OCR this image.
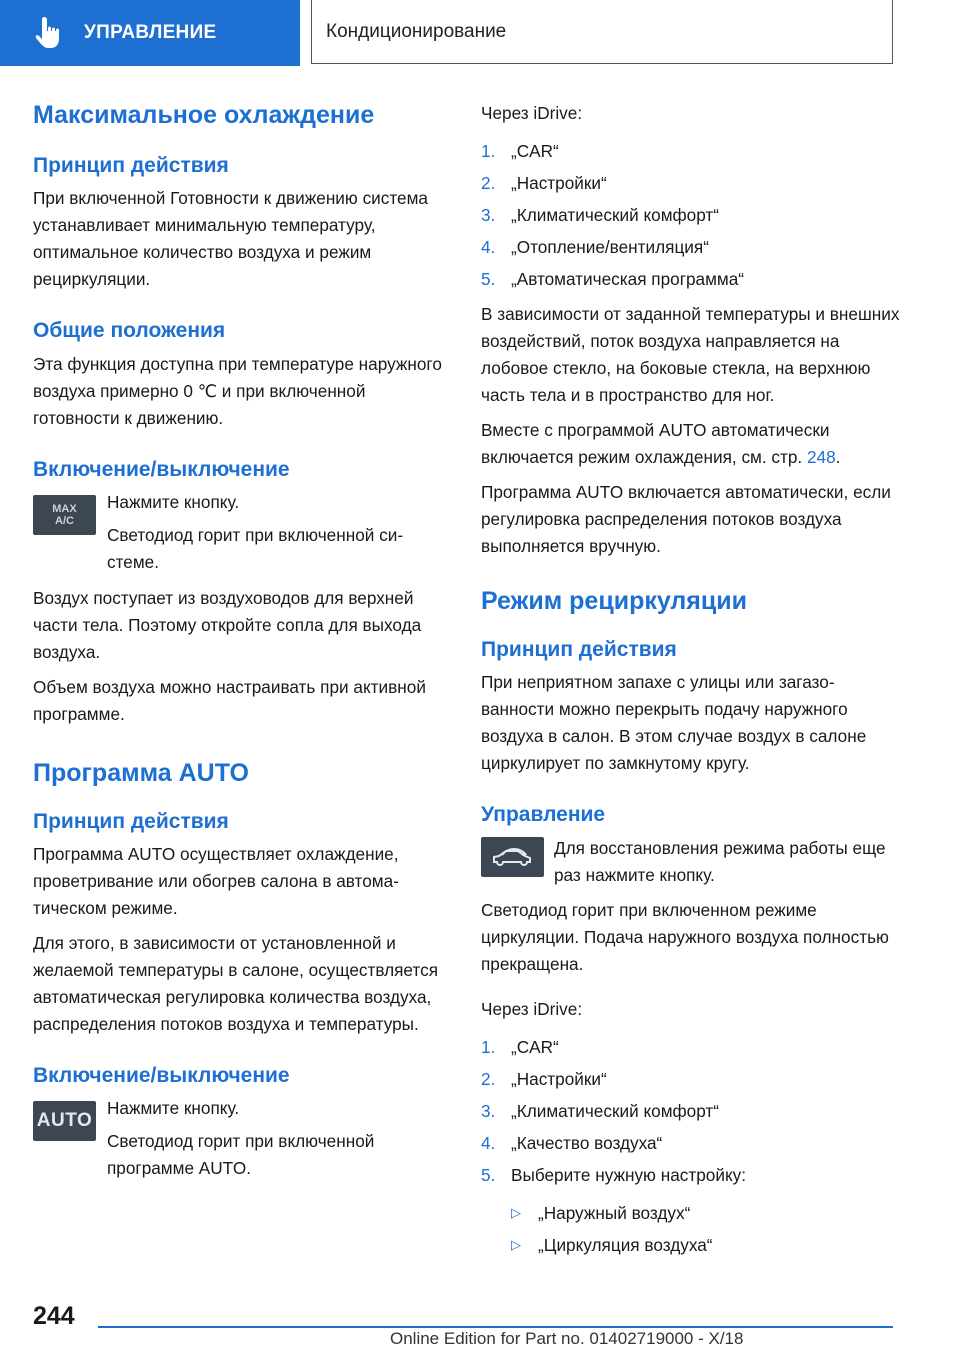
УПРАВЛЕНИЕ	Кондиционирование
Максимальное охлаждение
Принцип действия

При включенной Готовности к движению система устанавливает минимальную температуру, оптимальное количество воздуха и режим рециркуляции.

Общие положения

Эта функция доступна при температуре наружного воздуха примерно 0 ℃ и при включенной готовности к движению.

Включение/выключение
MAX
A/C

Нажмите кнопку.

Светодиод горит при включенной системе.

Воздух поступает из воздуховодов для верхней части тела. Поэтому откройте сопла для выхода воздуха.

Объем воздуха можно настраивать при активной программе.

Программа AUTO
Принцип действия

Программа AUTO осуществляет охлаждение, проветривание или обогрев салона в автоматическом режиме.

Для этого, в зависимости от установленной и желаемой температуры в салоне, осуществляется автоматическая регулировка количества воздуха, распределения потоков воздуха и температуры.

Включение/выключение
AUTO

Нажмите кнопку.

Светодиод горит при включенной программе AUTO.

Через iDrive:

1. „CAR“
2. „Настройки“
3. „Климатический комфорт“
4. „Отопление/вентиляция“
5. „Автоматическая программа“

В зависимости от заданной температуры и внешних воздействий, поток воздуха направляется на лобовое стекло, на боковые стекла, на верхнюю часть тела и в пространство для ног.

Вместе с программой AUTO автоматически включается режим охлаждения, см. стр. 248.

Программа AUTO включается автоматически, если регулировка распределения потоков воздуха выполняется вручную.

Режим рециркуляции
Принцип действия

При неприятном запахе с улицы или загазованности можно перекрыть подачу наружного воздуха в салон. В этом случае воздух в салоне циркулирует по замкнутому кругу.

Управление

Для восстановления режима работы еще раз нажмите кнопку.

Светодиод горит при включенном режиме циркуляции. Подача наружного воздуха полностью прекращена.

Через iDrive:

1. „CAR“
2. „Настройки“
3. „Климатический комфорт“
4. „Качество воздуха“
5. Выберите нужную настройку:
▷ „Наружный воздух“
▷ „Циркуляция воздуха“
244
Online Edition for Part no. 01402719000 - X/18
